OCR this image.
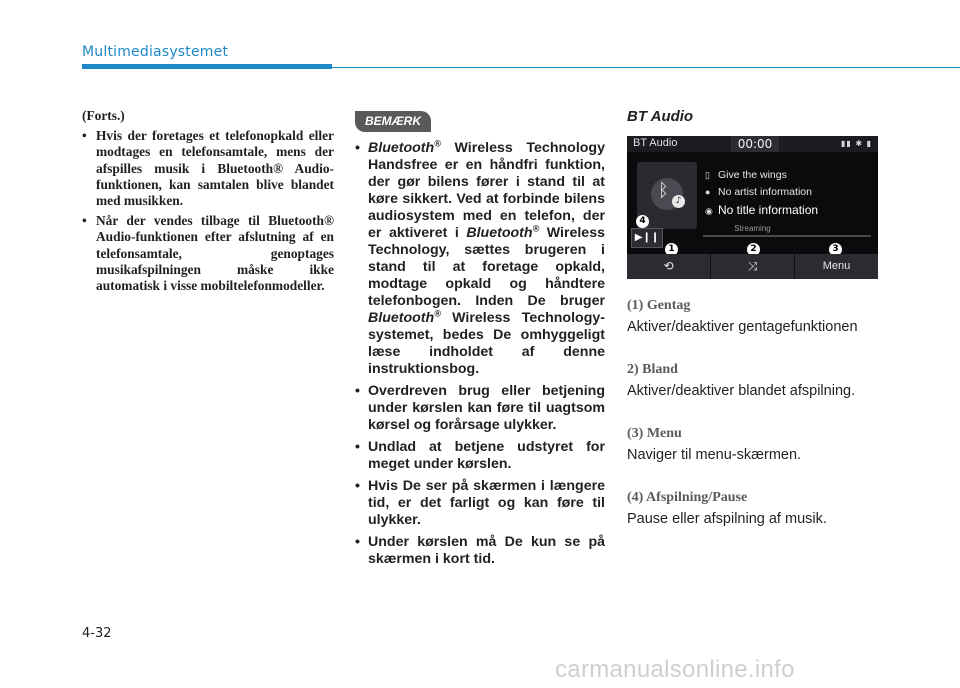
Multimediasystemet
(Forts.)
• Hvis der foretages et telefonopkald eller modtages en telefonsamtale, mens der afspilles musik i Bluetooth® Audio-funktionen, kan samtalen blive blandet med musikken.
• Når der vendes tilbage til Bluetooth® Audio-funktionen efter afslutning af en telefonsamtale, genoptages musikafspilningen måske ikke automatisk i visse mobiltelefonmodeller.
BEMÆRK
• Bluetooth® Wireless Technology Handsfree er en håndfri funktion, der gør bilens fører i stand til at køre sikkert. Ved at forbinde bilens audiosystem med en telefon, der er aktiveret i Bluetooth® Wireless Technology, sættes brugeren i stand til at foretage opkald, modtage opkald og håndtere telefonbogen. Inden De bruger Bluetooth® Wireless Technology-systemet, bedes De omhyggeligt læse indholdet af denne instruktionsbog.
• Overdreven brug eller betjening under kørslen kan føre til uagtsom kørsel og forårsage ulykker.
• Undlad at betjene udstyret for meget under kørslen.
• Hvis De ser på skærmen i længere tid, er det farligt og kan føre til ulykker.
• Under kørslen må De kun se på skærmen i kort tid.
BT Audio
BT Audio	00:00	▮▮ ✱ ▮
ᛒ ♪
▯ Give the wings
● No artist information
◉ No title information
Streaming
▶❙❙
4
1	2	3
⟲	⤨	Menu
(1) Gentag
Aktiver/deaktiver gentagefunktionen
2) Bland
Aktiver/deaktiver blandet afspilning.
(3) Menu
Naviger til menu-skærmen.
(4) Afspilning/Pause
Pause eller afspilning af musik.
4-32
carmanualsonline.info
